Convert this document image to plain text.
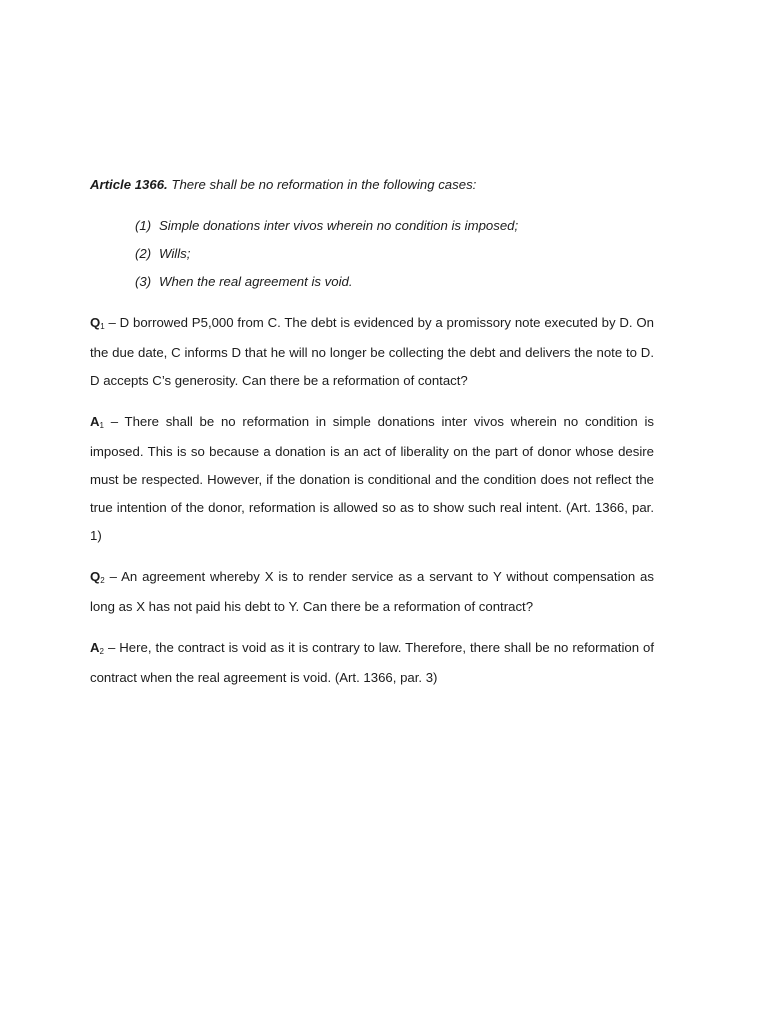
Article 1366. There shall be no reformation in the following cases:

(1) Simple donations inter vivos wherein no condition is imposed;
(2) Wills;
(3) When the real agreement is void.

$Q_1$ – D borrowed P5,000 from C. The debt is evidenced by a promissory note executed by D. On the due date, C informs D that he will no longer be collecting the debt and delivers the note to D. D accepts C’s generosity. Can there be a reformation of contact?

$A_1$ – There shall be no reformation in simple donations inter vivos wherein no condition is imposed. This is so because a donation is an act of liberality on the part of donor whose desire must be respected. However, if the donation is conditional and the condition does not reflect the true intention of the donor, reformation is allowed so as to show such real intent. (Art. 1366, par. 1)

$Q_2$ – An agreement whereby X is to render service as a servant to Y without compensation as long as X has not paid his debt to Y. Can there be a reformation of contract?

$A_2$ – Here, the contract is void as it is contrary to law. Therefore, there shall be no reformation of contract when the real agreement is void. (Art. 1366, par. 3)
